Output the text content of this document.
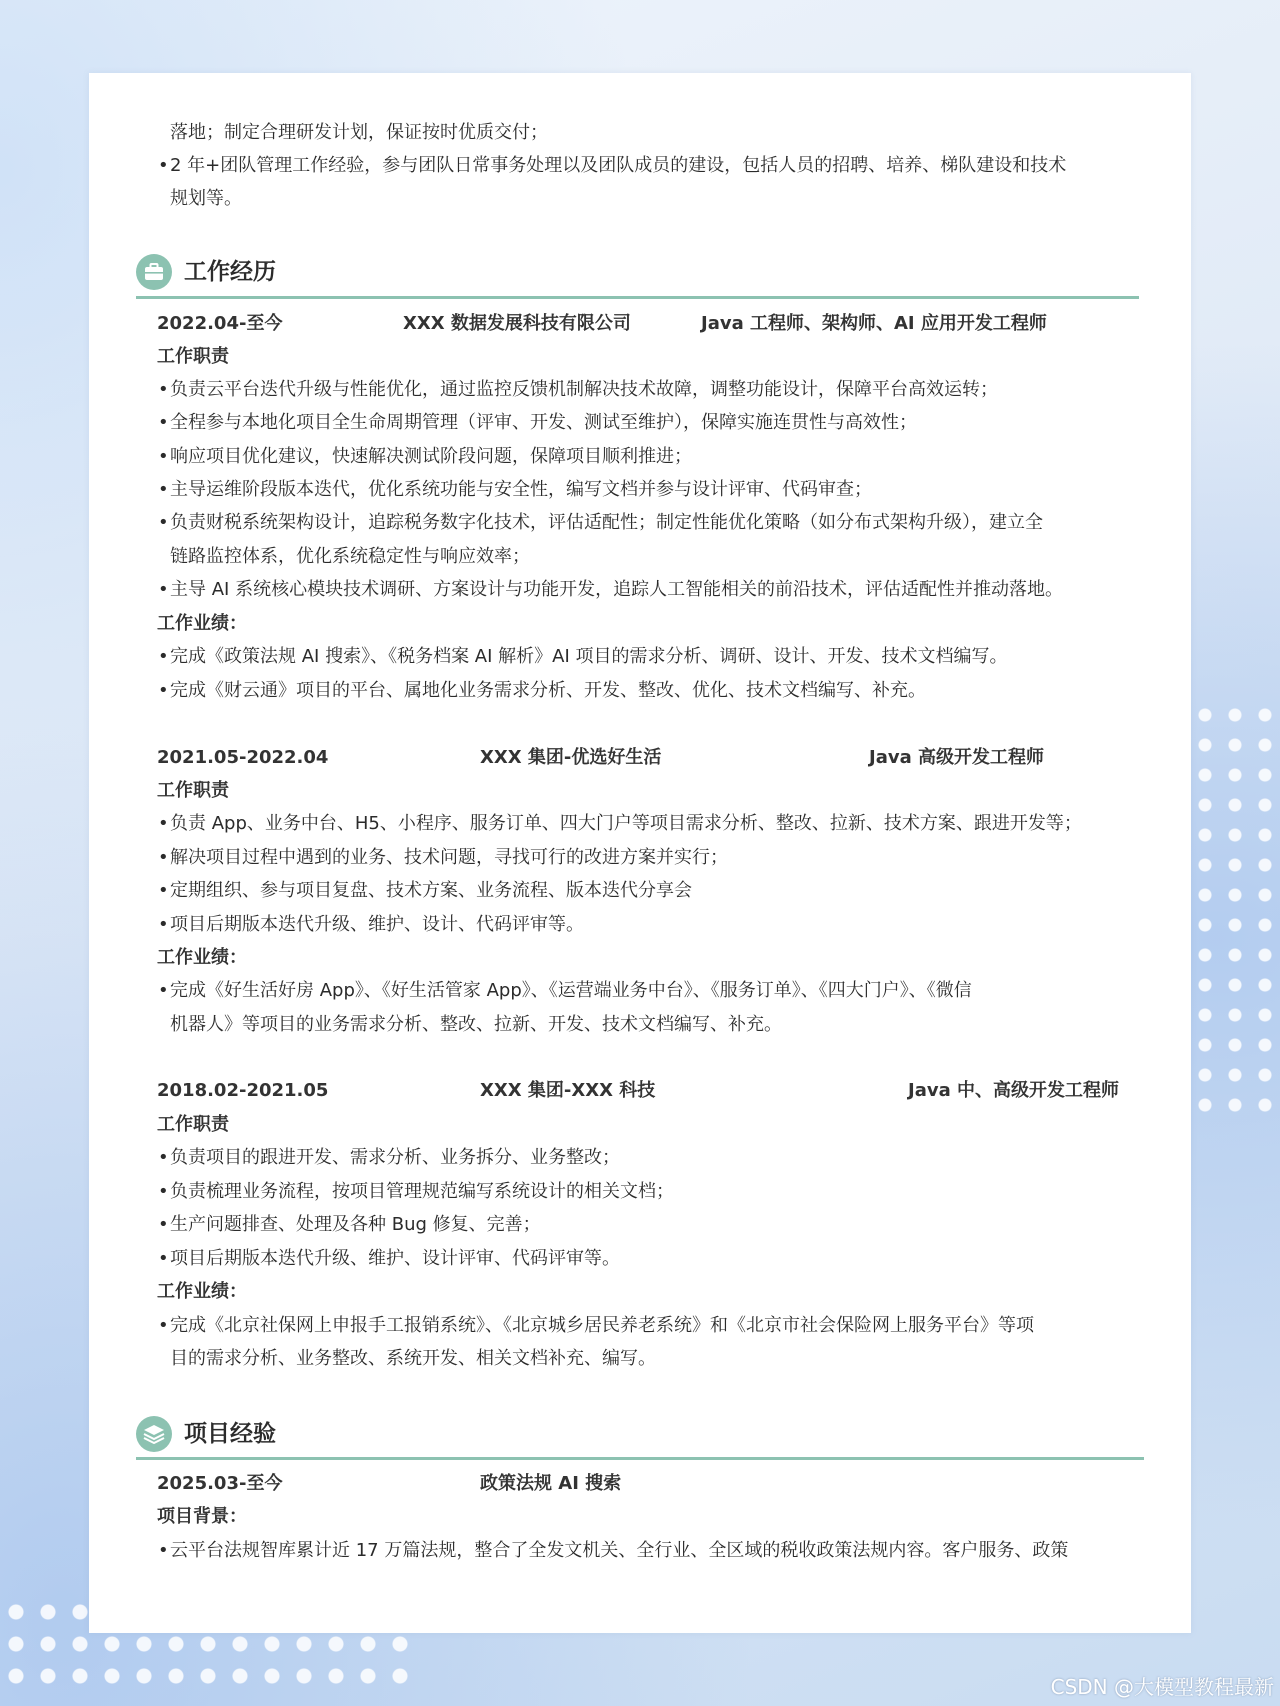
落地；制定合理研发计划，保证按时优质交付；
• 2 年+团队管理工作经验，参与团队日常事务处理以及团队成员的建设，包括人员的招聘、培养、梯队建设和技术
规划等。
工作经历
2022.04-至今	XXX 数据发展科技有限公司	Java 工程师、架构师、AI 应用开发工程师
工作职责
• 负责云平台迭代升级与性能优化，通过监控反馈机制解决技术故障，调整功能设计，保障平台高效运转；
• 全程参与本地化项目全生命周期管理（评审、开发、测试至维护），保障实施连贯性与高效性；
• 响应项目优化建议，快速解决测试阶段问题，保障项目顺利推进；
• 主导运维阶段版本迭代，优化系统功能与安全性，编写文档并参与设计评审、代码审查；
• 负责财税系统架构设计，追踪税务数字化技术，评估适配性；制定性能优化策略（如分布式架构升级），建立全
链路监控体系，优化系统稳定性与响应效率；
• 主导 AI 系统核心模块技术调研、方案设计与功能开发，追踪人工智能相关的前沿技术，评估适配性并推动落地。
工作业绩：
• 完成《政策法规 AI 搜索》、《税务档案 AI 解析》AI 项目的需求分析、调研、设计、开发、技术文档编写。
• 完成《财云通》项目的平台、属地化业务需求分析、开发、整改、优化、技术文档编写、补充。
2021.05-2022.04	XXX 集团-优选好生活	Java 高级开发工程师
工作职责
• 负责 App、业务中台、H5、小程序、服务订单、四大门户等项目需求分析、整改、拉新、技术方案、跟进开发等；
• 解决项目过程中遇到的业务、技术问题，寻找可行的改进方案并实行；
• 定期组织、参与项目复盘、技术方案、业务流程、版本迭代分享会
• 项目后期版本迭代升级、维护、设计、代码评审等。
工作业绩：
• 完成《好生活好房 App》、《好生活管家 App》、《运营端业务中台》、《服务订单》、《四大门户》、《微信
机器人》等项目的业务需求分析、整改、拉新、开发、技术文档编写、补充。
2018.02-2021.05	XXX 集团-XXX 科技	Java 中、高级开发工程师
工作职责
• 负责项目的跟进开发、需求分析、业务拆分、业务整改；
• 负责梳理业务流程，按项目管理规范编写系统设计的相关文档；
• 生产问题排查、处理及各种 Bug 修复、完善；
• 项目后期版本迭代升级、维护、设计评审、代码评审等。
工作业绩：
• 完成《北京社保网上申报手工报销系统》、《北京城乡居民养老系统》和《北京市社会保险网上服务平台》等项
目的需求分析、业务整改、系统开发、相关文档补充、编写。
项目经验
2025.03-至今	政策法规 AI 搜索
项目背景：
• 云平台法规智库累计近 17 万篇法规，整合了全发文机关、全行业、全区域的税收政策法规内容。客户服务、政策
CSDN @大模型教程最新
